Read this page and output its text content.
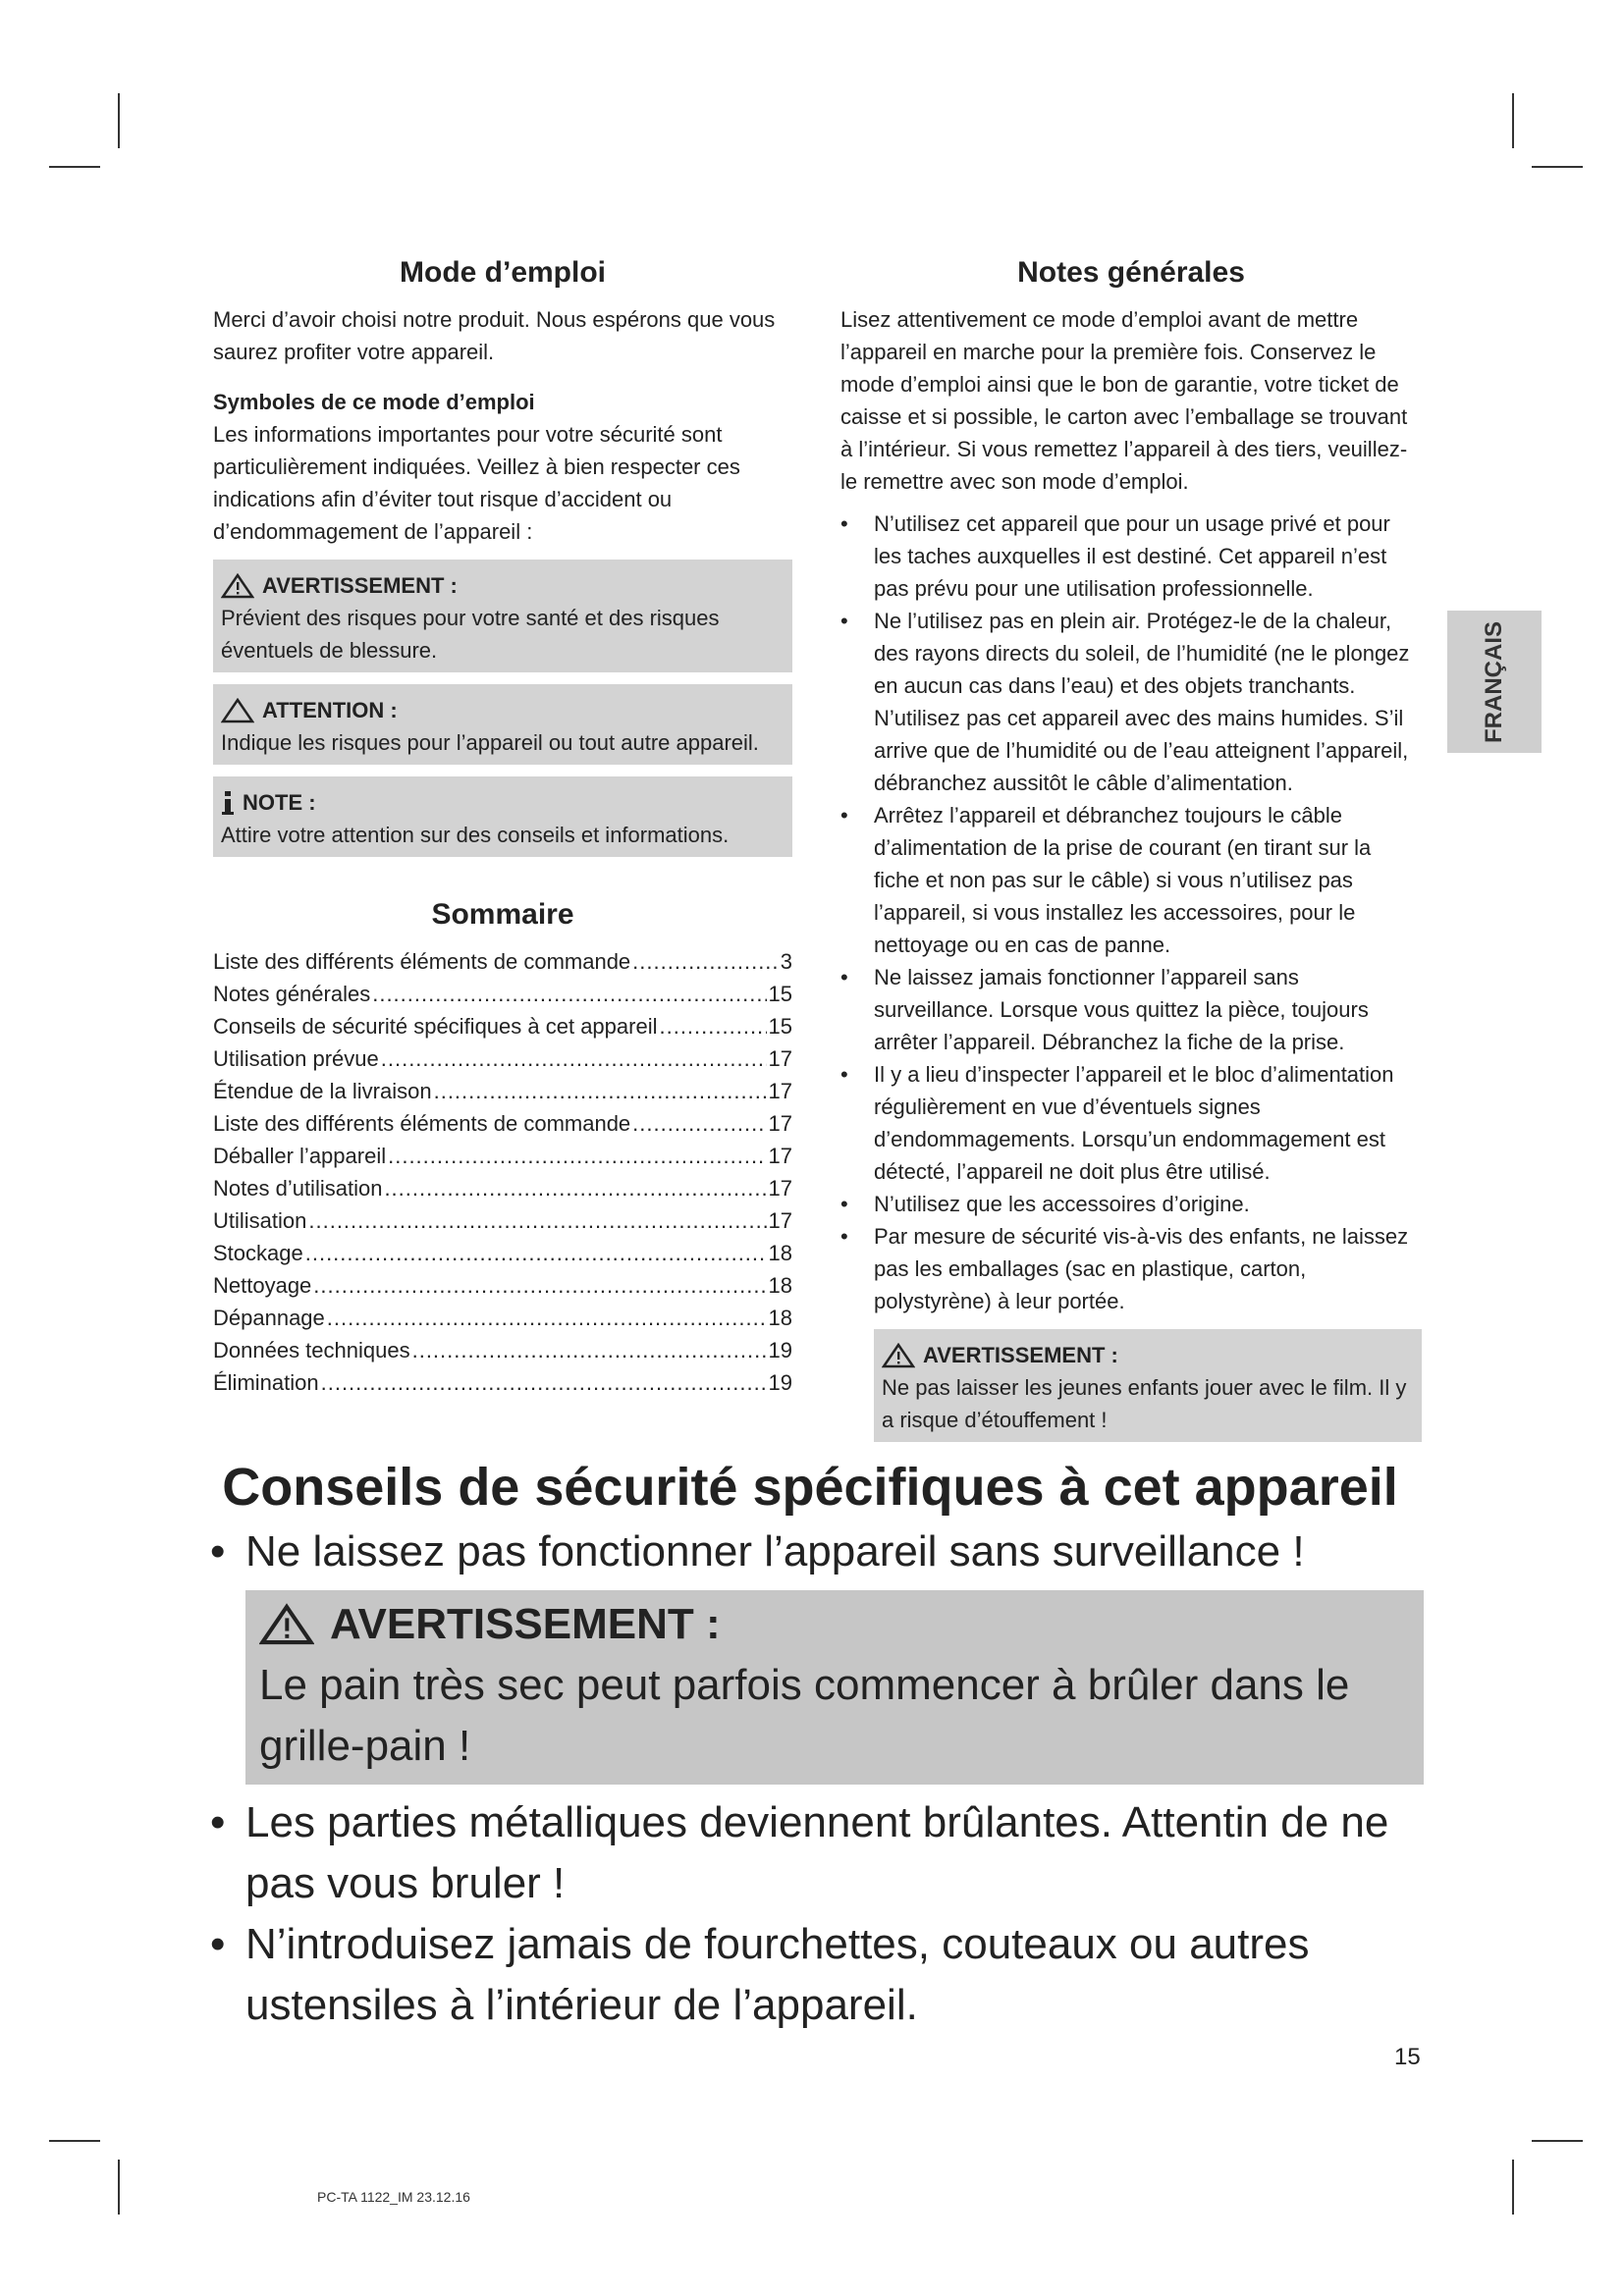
Mode d’emploi

Merci d’avoir choisi notre produit. Nous espérons que vous saurez profiter votre appareil.

Symboles de ce mode d’emploi

Les informations importantes pour votre sécurité sont particulièrement indiquées. Veillez à bien respecter ces indications afin d’éviter tout risque d’accident ou d’endommagement de l’appareil :

AVERTISSEMENT :

Prévient des risques pour votre santé et des risques éventuels de blessure.

ATTENTION :

Indique les risques pour l’appareil ou tout autre appareil.

NOTE :

Attire votre attention sur des conseils et informations.

Sommaire
Liste des différents éléments de commande .....	3
Notes générales .....	15
Conseils de sécurité spécifiques à cet appareil .....	15
Utilisation prévue .....	17
Étendue de la livraison .....	17
Liste des différents éléments de commande .....	17
Déballer l’appareil .....	17
Notes d’utilisation .....	17
Utilisation .....	17
Stockage .....	18
Nettoyage .....	18
Dépannage .....	18
Données techniques .....	19
Élimination .....	19
Notes générales

Lisez attentivement ce mode d’emploi avant de mettre l’appareil en marche pour la première fois. Conservez le mode d’emploi ainsi que le bon de garantie, votre ticket de caisse et si possible, le carton avec l’emballage se trouvant à l’intérieur. Si vous remettez l’appareil à des tiers, veuillez-le remettre avec son mode d’emploi.

• N’utilisez cet appareil que pour un usage privé et pour les taches auxquelles il est destiné. Cet appareil n’est pas prévu pour une utilisation professionnelle.
• Ne l’utilisez pas en plein air. Protégez-le de la chaleur, des rayons directs du soleil, de l’humidité (ne le plongez en aucun cas dans l’eau) et des objets tranchants. N’utilisez pas cet appareil avec des mains humides. S’il arrive que de l’humidité ou de l’eau atteignent l’appareil, débranchez aussitôt le câble d’alimentation.
• Arrêtez l’appareil et débranchez toujours le câble d’alimentation de la prise de courant (en tirant sur la fiche et non pas sur le câble) si vous n’utilisez pas l’appareil, si vous installez les accessoires, pour le nettoyage ou en cas de panne.
• Ne laissez jamais fonctionner l’appareil sans surveillance. Lorsque vous quittez la pièce, toujours arrêter l’appareil. Débranchez la fiche de la prise.
• Il y a lieu d’inspecter l’appareil et le bloc d’alimentation régulièrement en vue d’éventuels signes d’endommagements. Lorsqu’un endommagement est détecté, l’appareil ne doit plus être utilisé.
• N’utilisez que les accessoires d’origine.
• Par mesure de sécurité vis-à-vis des enfants, ne laissez pas les emballages (sac en plastique, carton, polystyrène) à leur portée.
AVERTISSEMENT :

Ne pas laisser les jeunes enfants jouer avec le film. Il y a risque d’étouffement !

FRANÇAIS
Conseils de sécurité spécifiques à cet appareil
• Ne laissez pas fonctionner l’appareil sans surveillance !
AVERTISSEMENT :

Le pain très sec peut parfois commencer à brûler dans le grille-pain !

• Les parties métalliques deviennent brûlantes. Attentin de ne pas vous bruler !
• N’introduisez jamais de fourchettes, couteaux ou autres ustensiles à l’intérieur de l’appareil.
15
PC-TA 1122_IM 23.12.16
